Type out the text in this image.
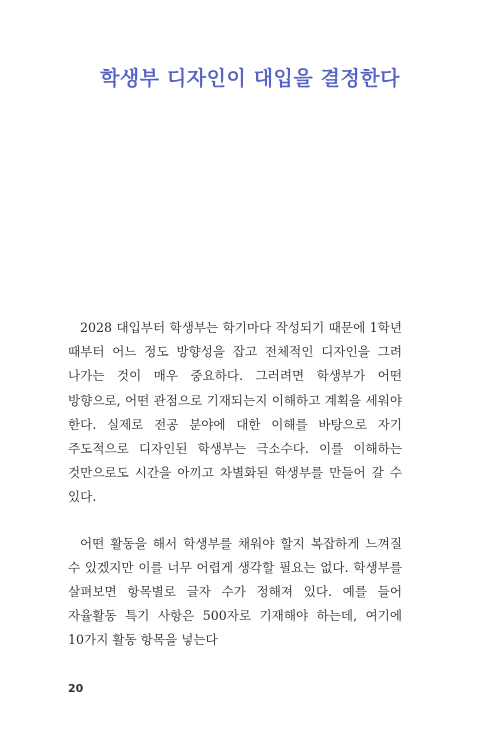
학생부 디자인이 대입을 결정한다

2028 대입부터 학생부는 학기마다 작성되기 때문에 1학년 때부터 어느 정도 방향성을 잡고 전체적인 디자인을 그려 나가는 것이 매우 중요하다. 그러려면 학생부가 어떤 방향으로, 어떤 관점으로 기재되는지 이해하고 계획을 세워야 한다. 실제로 전공 분야에 대한 이해를 바탕으로 자기 주도적으로 디자인된 학생부는 극소수다. 이를 이해하는 것만으로도 시간을 아끼고 차별화된 학생부를 만들어 갈 수 있다.

어떤 활동을 해서 학생부를 채워야 할지 복잡하게 느껴질 수 있겠지만 이를 너무 어렵게 생각할 필요는 없다. 학생부를 살펴보면 항목별로 글자 수가 정해져 있다. 예를 들어 자율활동 특기 사항은 500자로 기재해야 하는데, 여기에 10가지 활동 항목을 넣는다

20
